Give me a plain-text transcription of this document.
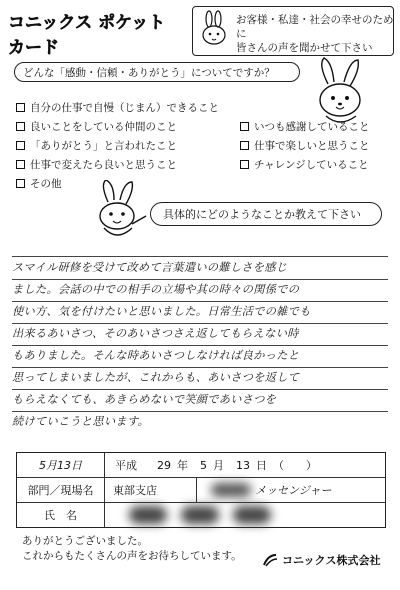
コニックス ポケットカード
お客様・私達・社会の幸せのために
皆さんの声を聞かせて下さい
どんな「感動・信頼・ありがとう」についてですか？
自分の仕事で自慢（じまん）できること
良いことをしている仲間のこと
「ありがとう」と言われたこと
仕事で変えたら良いと思うこと
その他
いつも感謝していること
仕事で楽しいと思うこと
チャレンジしていること
具体的にどのようなことか教えて下さい
スマイル研修を受けて改めて言葉遣いの難しさを感じ
ました。会話の中での相手の立場や其の時々の関係での
使い方、気を付けたいと思いました。日常生活での雑でも
出来るあいさつ、そのあいさつさえ返してもらえない時
もありました。そんな時あいさつしなければ良かったと
思ってしまいましたが、これからも、あいさつを返して
もらえなくても、あきらめないで笑顔であいさつを
続けていこうと思います。
5月13日	平成 29 年 5 月 13 日 （　　）
部門／現場名	東部支店	メッセンジャー
氏　名
ありがとうございました。
これからもたくさんの声をお待ちしています。	コニックス株式会社
